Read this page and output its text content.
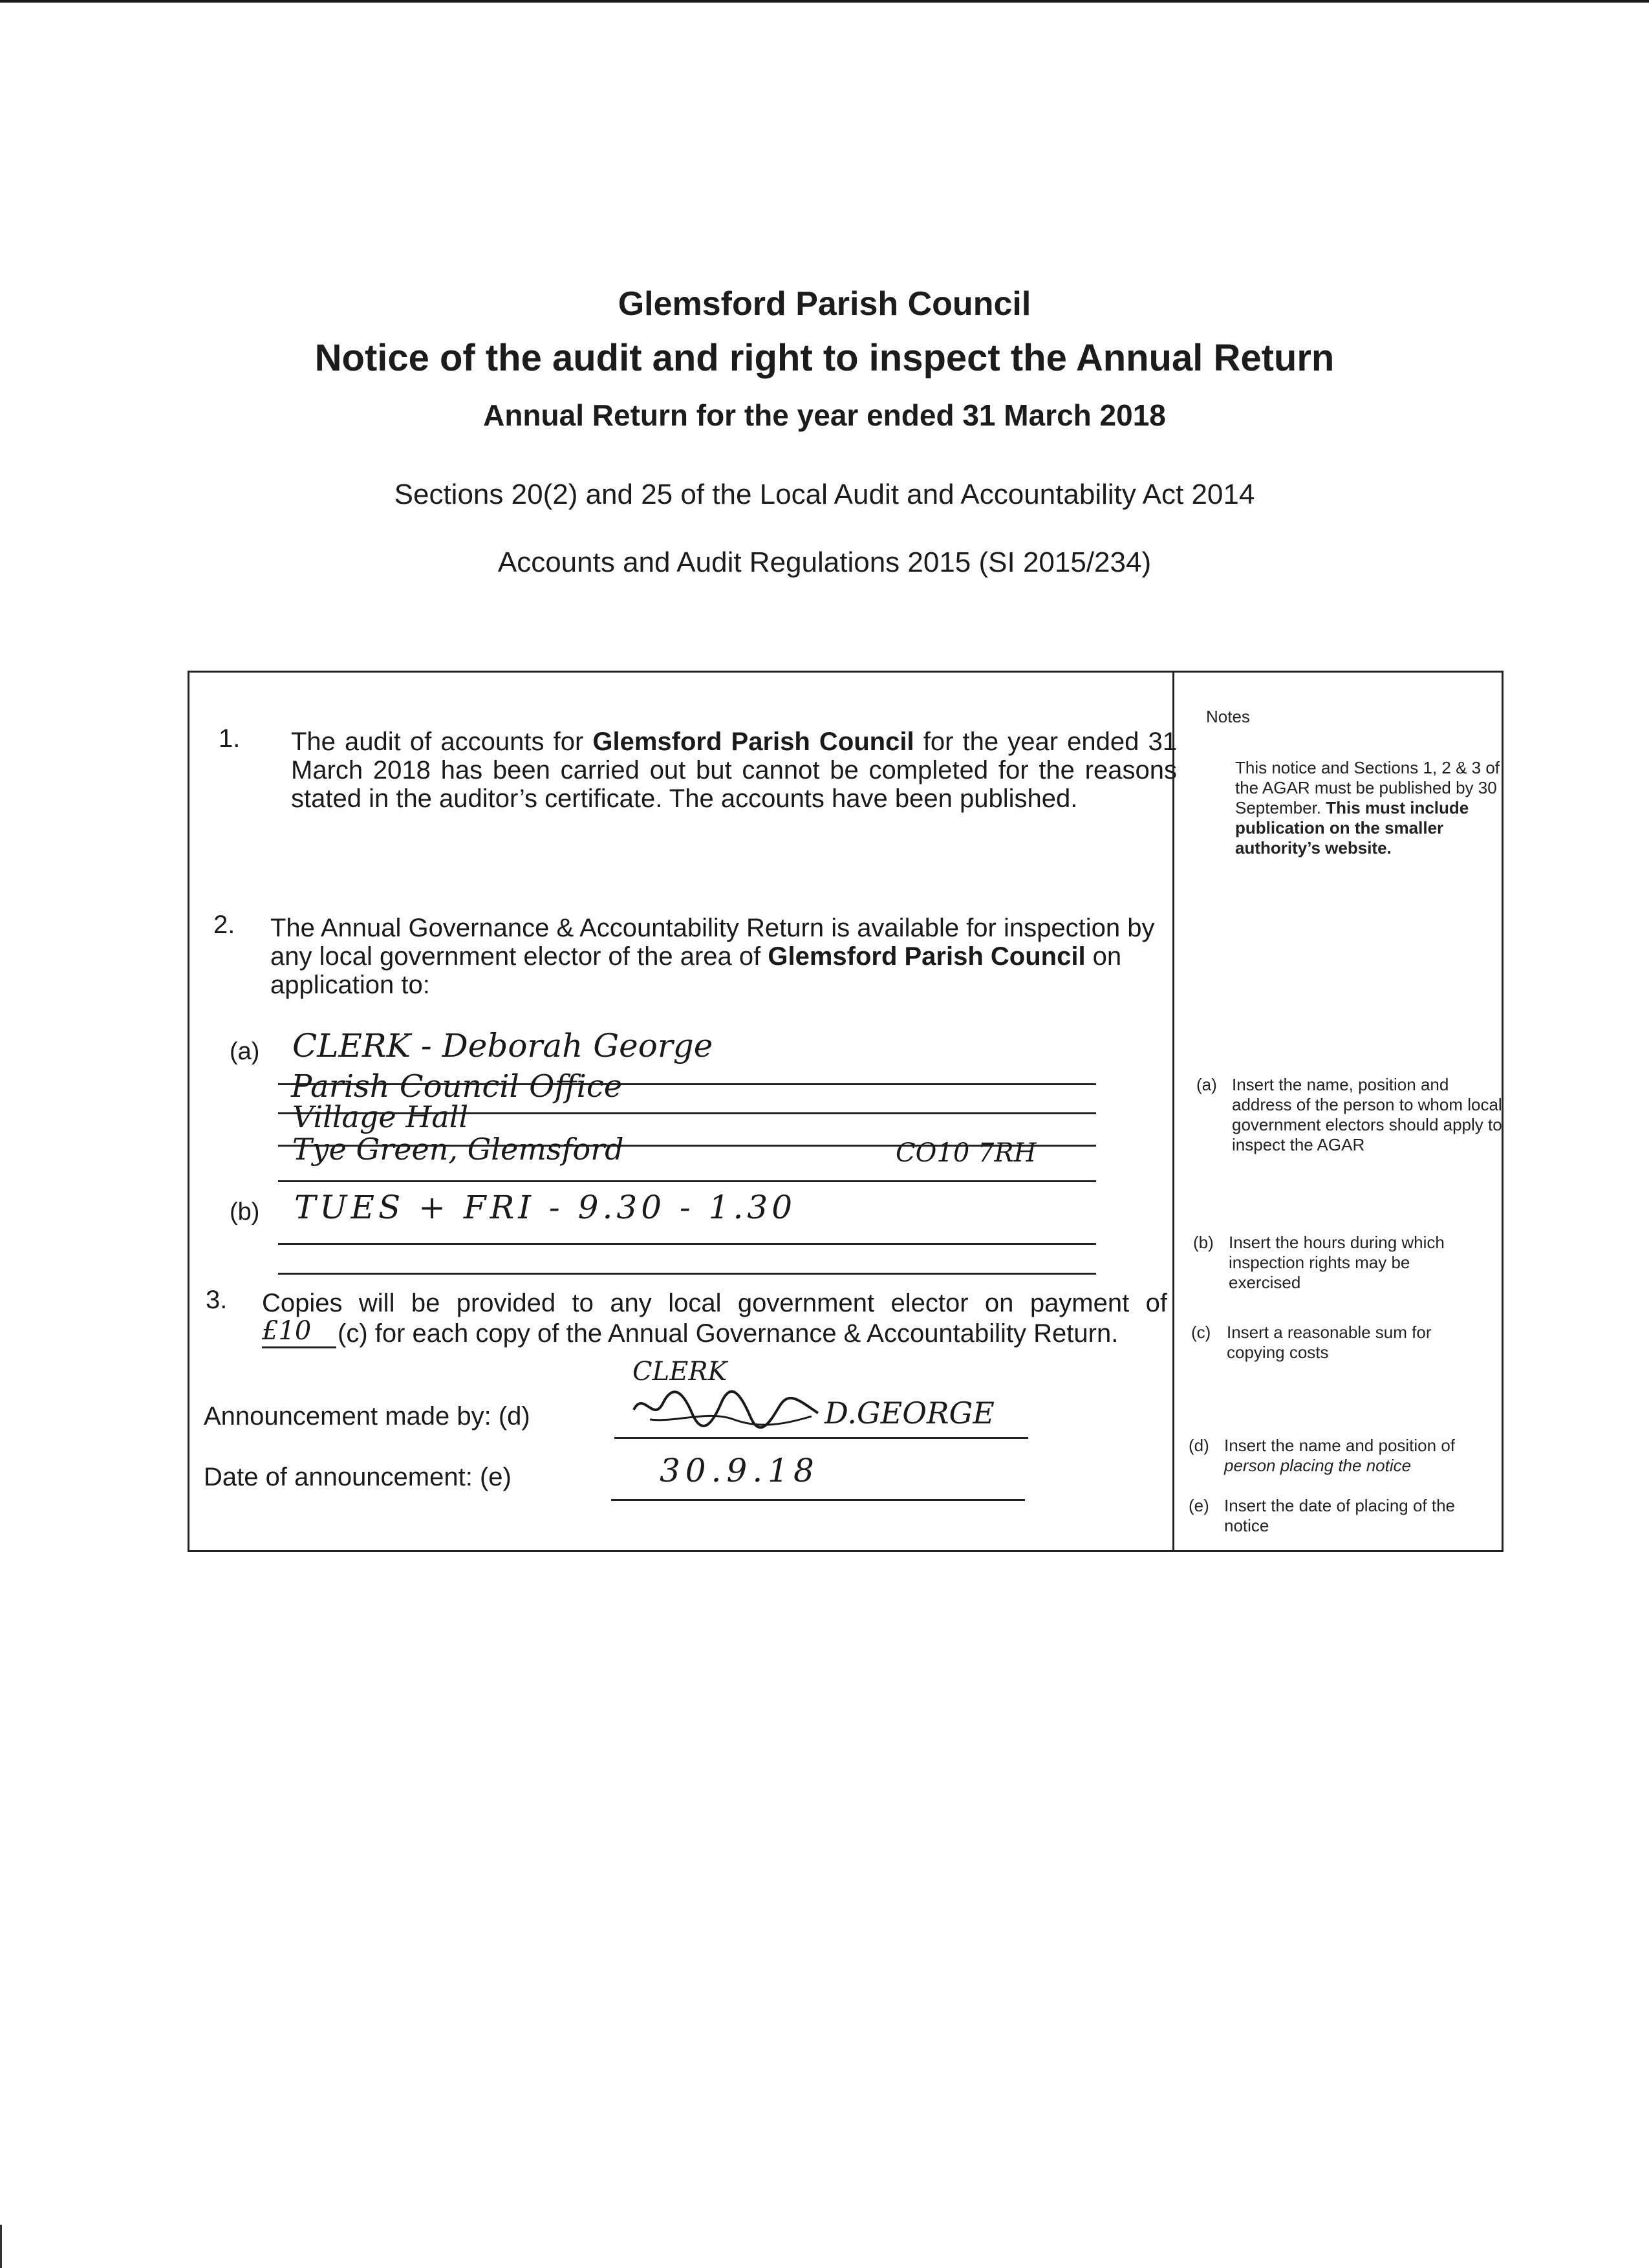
Glemsford Parish Council
Notice of the audit and right to inspect the Annual Return
Annual Return for the year ended 31 March 2018
Sections 20(2) and 25 of the Local Audit and Accountability Act 2014
Accounts and Audit Regulations 2015 (SI 2015/234)
1. The audit of accounts for Glemsford Parish Council for the year ended 31 March 2018 has been carried out but cannot be completed for the reasons stated in the auditor’s certificate. The accounts have been published.
2. The Annual Governance & Accountability Return is available for inspection by any local government elector of the area of Glemsford Parish Council on application to:
(a)
(b)
CLERK - Deborah George
Parish Council Office
Village Hall
Tye Green, Glemsford	CO10 7RH
TUES + FRI - 9.30 - 1.30
3. Copies will be provided to any local government elector on payment of
£10 (c) for each copy of the Annual Governance & Accountability Return.
Announcement made by: (d)
CLERK
D.GEORGE
Date of announcement: (e)	30.9.18
Notes
This notice and Sections 1, 2 & 3 of the AGAR must be published by 30 September. This must include publication on the smaller authority’s website.
(a) Insert the name, position and address of the person to whom local government electors should apply to inspect the AGAR
(b) Insert the hours during which inspection rights may be exercised
(c) Insert a reasonable sum for copying costs
(d) Insert the name and position of person placing the notice
(e) Insert the date of placing of the notice
